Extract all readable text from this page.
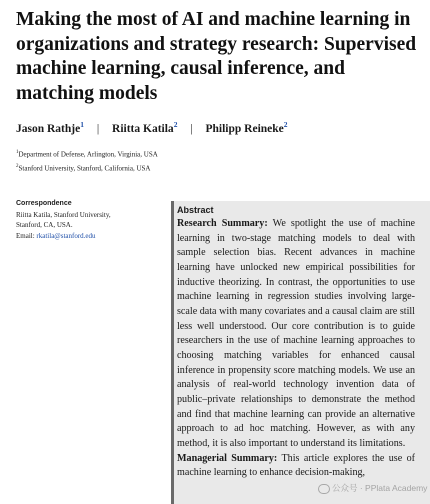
Making the most of AI and machine learning in organizations and strategy research: Supervised machine learning, causal inference, and matching models
Jason Rathje$^1$ | Riitta Katila$^2$ | Philipp Reineke$^2$
$^1$Department of Defense, Arlington, Virginia, USA
$^2$Stanford University, Stanford, California, USA
Correspondence
Riitta Katila, Stanford University,
Stanford, CA, USA.
Email: rkatila@stanford.edu
Abstract

Research Summary: We spotlight the use of machine learning in two-stage matching models to deal with sample selection bias. Recent advances in machine learning have unlocked new empirical possibilities for inductive theorizing. In contrast, the opportunities to use machine learning in regression studies involving large-scale data with many covariates and a causal claim are still less well understood. Our core contribution is to guide researchers in the use of machine learning approaches to choosing matching variables for enhanced causal inference in propensity score matching models. We use an analysis of real-world technology invention data of public–private relationships to demonstrate the method and find that machine learning can provide an alternative approach to ad hoc matching. However, as with any method, it is also important to understand its limitations.

Managerial Summary: This article explores the use of machine learning to enhance decision-making,

公众号 · PPlata Academy
